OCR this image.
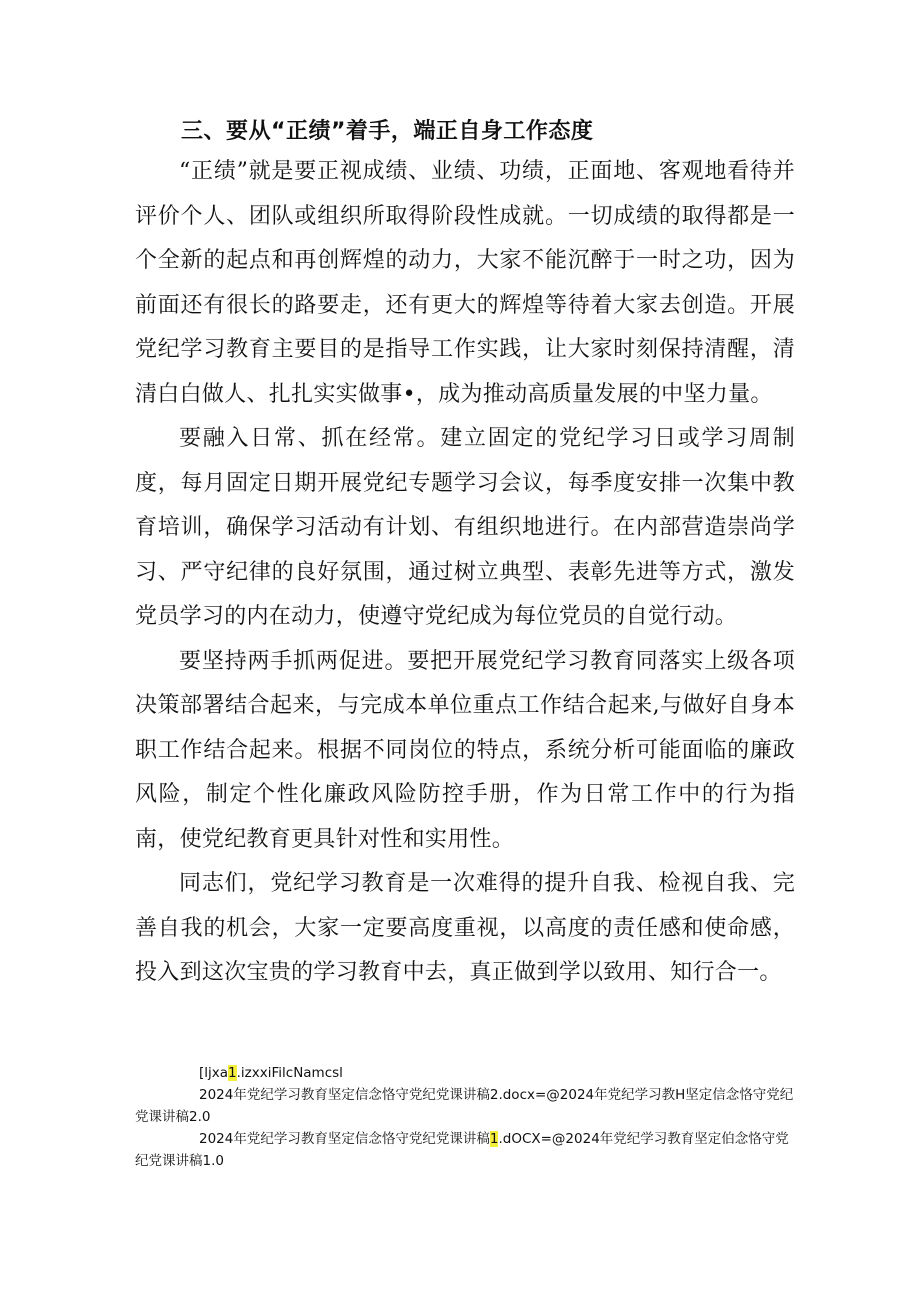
三、要从“正绩”着手，端正自身工作态度

“正绩”就是要正视成绩、业绩、功绩，正面地、客观地看待并评价个人、团队或组织所取得阶段性成就。一切成绩的取得都是一个全新的起点和再创辉煌的动力，大家不能沉醉于一时之功，因为前面还有很长的路要走，还有更大的辉煌等待着大家去创造。开展党纪学习教育主要目的是指导工作实践，让大家时刻保持清醒，清清白白做人、扎扎实实做事•，成为推动高质量发展的中坚力量。

要融入日常、抓在经常。建立固定的党纪学习日或学习周制度，每月固定日期开展党纪专题学习会议，每季度安排一次集中教育培训，确保学习活动有计划、有组织地进行。在内部营造崇尚学习、严守纪律的良好氛围，通过树立典型、表彰先进等方式，激发党员学习的内在动力，使遵守党纪成为每位党员的自觉行动。

要坚持两手抓两促进。要把开展党纪学习教育同落实上级各项决策部署结合起来，与完成本单位重点工作结合起来,与做好自身本职工作结合起来。根据不同岗位的特点，系统分析可能面临的廉政风险，制定个性化廉政风险防控手册，作为日常工作中的行为指南，使党纪教育更具针对性和实用性。

同志们，党纪学习教育是一次难得的提升自我、检视自我、完善自我的机会，大家一定要高度重视，以高度的责任感和使命感，投入到这次宝贵的学习教育中去，真正做到学以致用、知行合一。

[ljxa1.izxxiFilcNamcsl

2024年党纪学习教育坚定信念恪守党纪党课讲稿2.docx=@2024年党纪学习教H坚定信念恪守党纪党课讲稿2.0

2024年党纪学习教育坚定信念恪守党纪党课讲稿1.dOCX=@2024年党纪学习教育坚定伯念恪守党纪党课讲稿1.0
